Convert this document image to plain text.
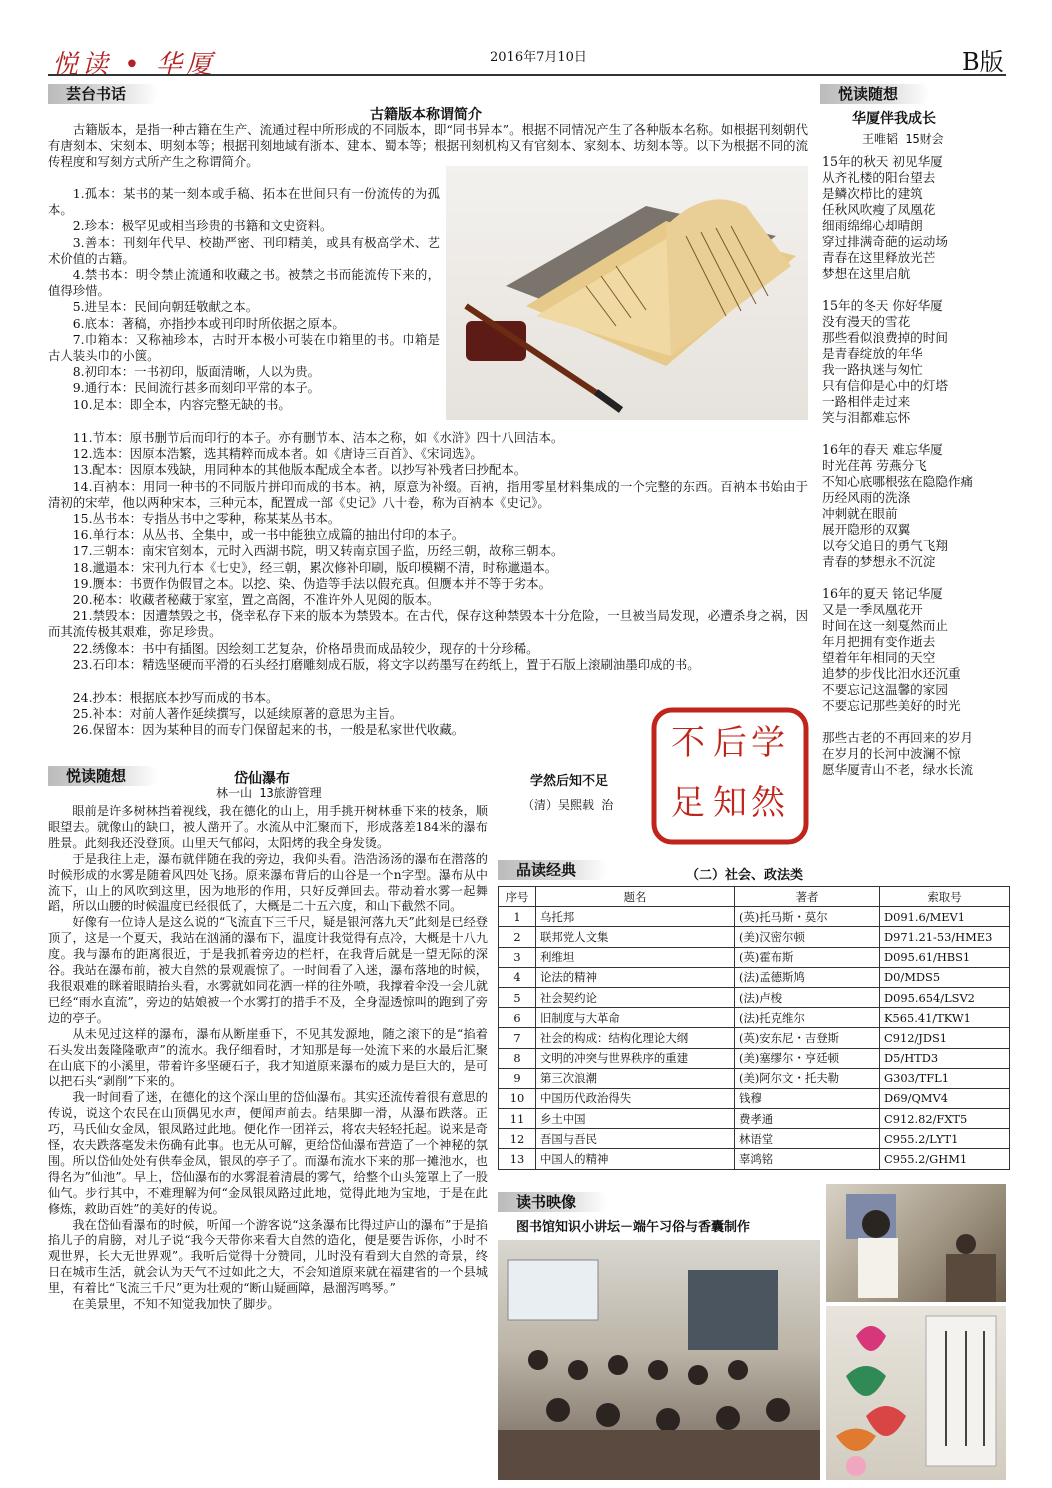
悦读 • 华厦	2016年7月10日	B版
芸台书话
古籍版本称谓简介

古籍版本，是指一种古籍在生产、流通过程中所形成的不同版本，即“同书异本”。根据不同情况产生了各种版本名称。如根据刊刻朝代有唐刻本、宋刻本、明刻本等；根据刊刻地域有浙本、建本、蜀本等；根据刊刻机构又有官刻本、家刻本、坊刻本等。以下为根据不同的流传程度和写刻方式所产生之称谓简介。

1.孤本：某书的某一刻本或手稿、拓本在世间只有一份流传的为孤本。

2.珍本：极罕见或相当珍贵的书籍和文史资料。

3.善本：刊刻年代早、校勘严密、刊印精美，或具有极高学术、艺术价值的古籍。

4.禁书本：明令禁止流通和收藏之书。被禁之书而能流传下来的，值得珍惜。

5.进呈本：民间向朝廷敬献之本。

6.底本：著稿，亦指抄本或刊印时所依据之原本。

7.巾箱本：又称袖珍本，古时开本极小可装在巾箱里的书。巾箱是古人装头巾的小箧。

8.初印本：一书初印，版面清晰，人以为贵。

9.通行本：民间流行甚多而刻印平常的本子。

10.足本：即全本，内容完整无缺的书。

11.节本：原书删节后而印行的本子。亦有删节本、洁本之称，如《水浒》四十八回洁本。

12.选本：因原本浩繁，选其精粹而成本者。如《唐诗三百首》、《宋词选》。

13.配本：因原本残缺，用同种本的其他版本配成全本者。以抄写补残者曰抄配本。

14.百衲本：用同一种书的不同版片拼印而成的书本。衲，原意为补缀。百衲，指用零星材料集成的一个完整的东西。百衲本书始由于清初的宋荦，他以两种宋本，三种元本，配置成一部《史记》八十卷，称为百衲本《史记》。

15.丛书本：专指丛书中之零种，称某某丛书本。

16.单行本：从丛书、全集中，或一书中能独立成篇的抽出付印的本子。

17.三朝本：南宋官刻本，元时入西湖书院，明又转南京国子监，历经三朝，故称三朝本。

18.邋遢本：宋刊九行本《七史》，经三朝，累次修补印刷，版印模糊不清，时称邋遢本。

19.赝本：书贾作伪假冒之本。以挖、染、伪造等手法以假充真。但赝本并不等于劣本。

20.秘本：收藏者秘藏于家室，置之高阁，不准许外人见阅的版本。

21.禁毁本：因遭禁毁之书，侥幸私存下来的版本为禁毁本。在古代，保存这种禁毁本十分危险，一旦被当局发现，必遭杀身之祸，因而其流传极其艰难，弥足珍贵。

22.绣像本：书中有插图。因绘刻工艺复杂，价格昂贵而成品较少，现存的十分珍稀。

23.石印本：精选坚硬而平滑的石头经打磨雕刻成石版，将文字以药墨写在药纸上，置于石版上滚刷油墨印成的书。

24.抄本：根据底本抄写而成的书本。

25.补本：对前人著作延续撰写，以延续原著的意思为主旨。

26.保留本：因为某种目的而专门保留起来的书，一般是私家世代收藏。

悦读随想
华厦伴我成长
王唯韬 15财会
15年的秋天 初见华厦
从齐礼楼的阳台望去
是鳞次栉比的建筑
任秋风吹瘦了凤凰花
细雨绵绵心却晴朗
穿过排满奇葩的运动场
青春在这里释放光芒
梦想在这里启航
15年的冬天 你好华厦
没有漫天的雪花
那些看似浪费掉的时间
是青春绽放的年华
我一路执迷与匆忙
只有信仰是心中的灯塔
一路相伴走过来
笑与泪都难忘怀
16年的春天 难忘华厦
时光荏苒 劳燕分飞
不知心底哪根弦在隐隐作痛
历经风雨的洗涤
冲刺就在眼前
展开隐形的双翼
以夸父追日的勇气飞翔
青春的梦想永不沉淀
16年的夏天 铭记华厦
又是一季凤凰花开
时间在这一刻戛然而止
年月把拥有变作逝去
望着年年相同的天空
追梦的步伐比汨水还沉重
不要忘记这温馨的家园
不要忘记那些美好的时光
那些古老的不再回来的岁月
在岁月的长河中波澜不惊
愿华厦青山不老，绿水长流
学
然
后
知
不
足
学然后知不足
（清）吴熙载 治
悦读随想	岱仙瀑布
林一山 13旅游管理

眼前是许多树林挡着视线，我在德化的山上，用手挑开树林垂下来的枝条，顺眼望去。就像山的缺口，被人凿开了。水流从中汇聚而下，形成落差184米的瀑布胜景。此刻我还没登顶。山里天气郁闷，太阳烤的我全身发烫。

于是我往上走，瀑布就伴随在我的旁边，我仰头看。浩浩汤汤的瀑布在潜落的时候形成的水雾是随着风四处飞扬。原来瀑布背后的山谷是一个n字型。瀑布从中流下，山上的风吹到这里，因为地形的作用，只好反弹回去。带动着水雾一起舞蹈，所以山腰的时候温度已经很低了，大概是二十五六度，和山下截然不同。

好像有一位诗人是这么说的“飞流直下三千尺，疑是银河落九天”此刻是已经登顶了，这是一个夏天，我站在汹涌的瀑布下，温度计我觉得有点冷，大概是十八九度。我与瀑布的距离很近，于是我抓着旁边的栏杆，在我背后就是一望无际的深谷。我站在瀑布前，被大自然的景观震惊了。一时间看了入迷，瀑布落地的时候，我很艰难的眯着眼睛抬头看，水雾就如同花洒一样的往外喷，我撑着伞没一会儿就已经“雨水直流”，旁边的姑娘被一个水雾打的措手不及，全身湿透惊叫的跑到了旁边的亭子。

从未见过这样的瀑布，瀑布从断崖垂下，不见其发源地，随之滚下的是“掐着石头发出轰隆隆歌声”的流水。我仔细看时，才知那是每一处流下来的水最后汇聚在山底下的小溪里，带着许多坚硬石子，我才知道原来瀑布的威力是巨大的，是可以把石头“剥削”下来的。

我一时间看了迷，在德化的这个深山里的岱仙瀑布。其实还流传着很有意思的传说，说这个农民在山顶偶见水声，便闻声前去。结果脚一滑，从瀑布跌落。正巧，马氏仙女金凤，银凤路过此地。便化作一团祥云，将农夫轻轻托起。说来是奇怪，农夫跌落毫发未伤确有此事。也无从可解，更给岱仙瀑布营造了一个神秘的氛围。所以岱仙处处有供奉金凤，银凤的亭子了。而瀑布流水下来的那一摊池水，也得名为”仙池”。早上，岱仙瀑布的水雾混着清晨的雾气，给整个山头笼罩上了一股仙气。步行其中，不难理解为何“金凤银凤路过此地，觉得此地为宝地，于是在此修炼，救助百姓”的美好的传说。

我在岱仙看瀑布的时候，听闻一个游客说“这条瀑布比得过庐山的瀑布”于是掐掐儿子的肩膀，对儿子说“我今天带你来看大自然的造化，便是要告诉你，小时不观世界，长大无世界观”。我听后觉得十分赞同，儿时没有看到大自然的奇景，终日在城市生活，就会认为天气不过如此之大，不会知道原来就在福建省的一个县城里，有着比“飞流三千尺”更为壮观的“断山疑画障，悬溜泻鸣琴。”

在美景里，不知不知觉我加快了脚步。

品读经典	（二）社会、政法类
序号	题名	著者	索取号
1	乌托邦	(英)托马斯・莫尔	D091.6/MEV1
2	联邦党人文集	(美)汉密尔顿	D971.21-53/HME3
3	利维坦	(英)霍布斯	D095.61/HBS1
4	论法的精神	(法)孟德斯鸠	D0/MDS5
5	社会契约论	(法)卢梭	D095.654/LSV2
6	旧制度与大革命	(法)托克维尔	K565.41/TKW1
7	社会的构成：结构化理论大纲	(英)安东尼・吉登斯	C912/JDS1
8	文明的冲突与世界秩序的重建	(美)塞缪尔・亨廷顿	D5/HTD3
9	第三次浪潮	(美)阿尔文・托夫勒	G303/TFL1
10	中国历代政治得失	钱穆	D69/QMV4
11	乡土中国	费孝通	C912.82/FXT5
12	吾国与吾民	林语堂	C955.2/LYT1
13	中国人的精神	辜鸿铭	C955.2/GHM1
读书映像
图书馆知识小讲坛－端午习俗与香囊制作
